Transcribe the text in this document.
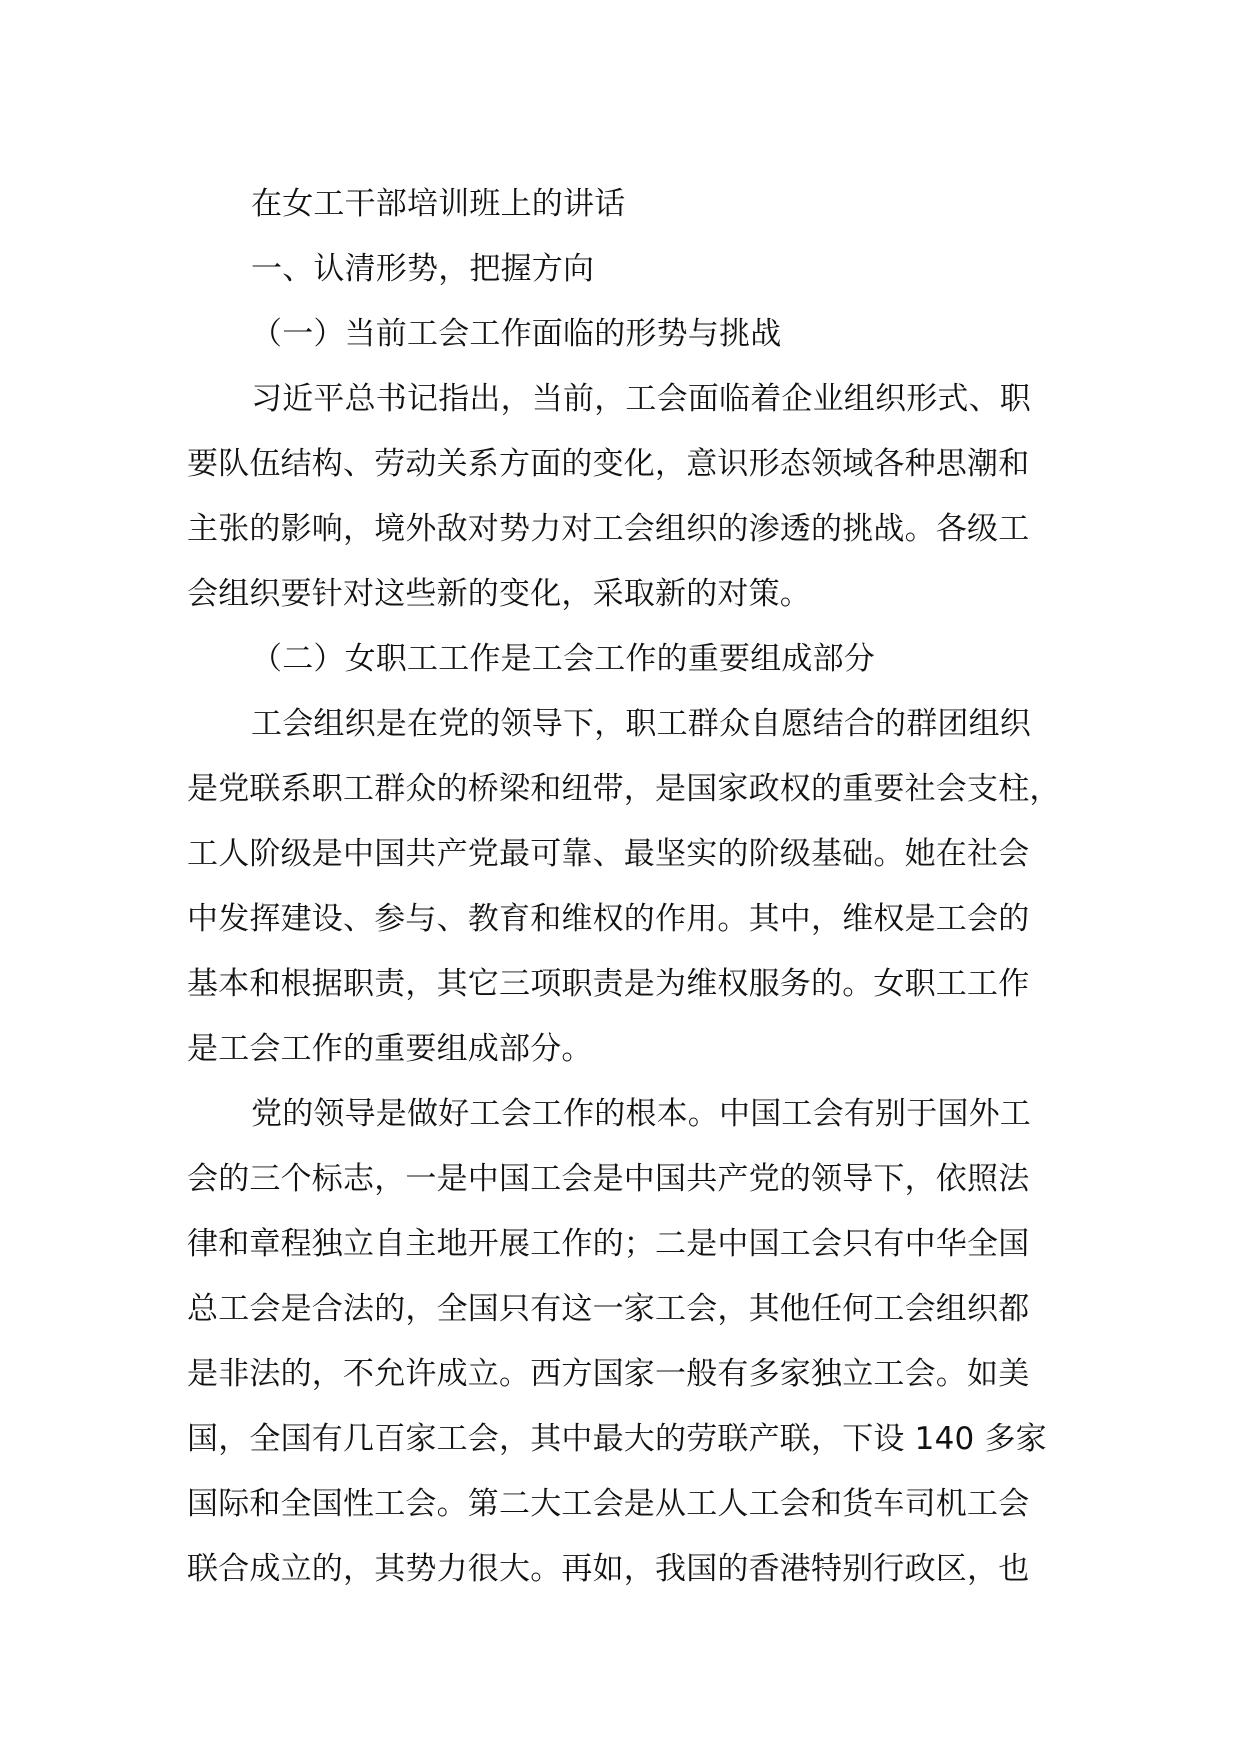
在女工干部培训班上的讲话
一、认清形势，把握方向
（一）当前工会工作面临的形势与挑战
习近平总书记指出，当前，工会面临着企业组织形式、职
要队伍结构、劳动关系方面的变化，意识形态领域各种思潮和
主张的影响，境外敌对势力对工会组织的渗透的挑战。各级工
会组织要针对这些新的变化，采取新的对策。
（二）女职工工作是工会工作的重要组成部分
工会组织是在党的领导下，职工群众自愿结合的群团组织
是党联系职工群众的桥梁和纽带，是国家政权的重要社会支柱，
工人阶级是中国共产党最可靠、最坚实的阶级基础。她在社会
中发挥建设、参与、教育和维权的作用。其中，维权是工会的
基本和根据职责，其它三项职责是为维权服务的。女职工工作
是工会工作的重要组成部分。
党的领导是做好工会工作的根本。中国工会有别于国外工
会的三个标志，一是中国工会是中国共产党的领导下，依照法
律和章程独立自主地开展工作的；二是中国工会只有中华全国
总工会是合法的，全国只有这一家工会，其他任何工会组织都
是非法的，不允许成立。西方国家一般有多家独立工会。如美
国，全国有几百家工会，其中最大的劳联产联，下设 140 多家
国际和全国性工会。第二大工会是从工人工会和货车司机工会
联合成立的，其势力很大。再如，我国的香港特别行政区，也
